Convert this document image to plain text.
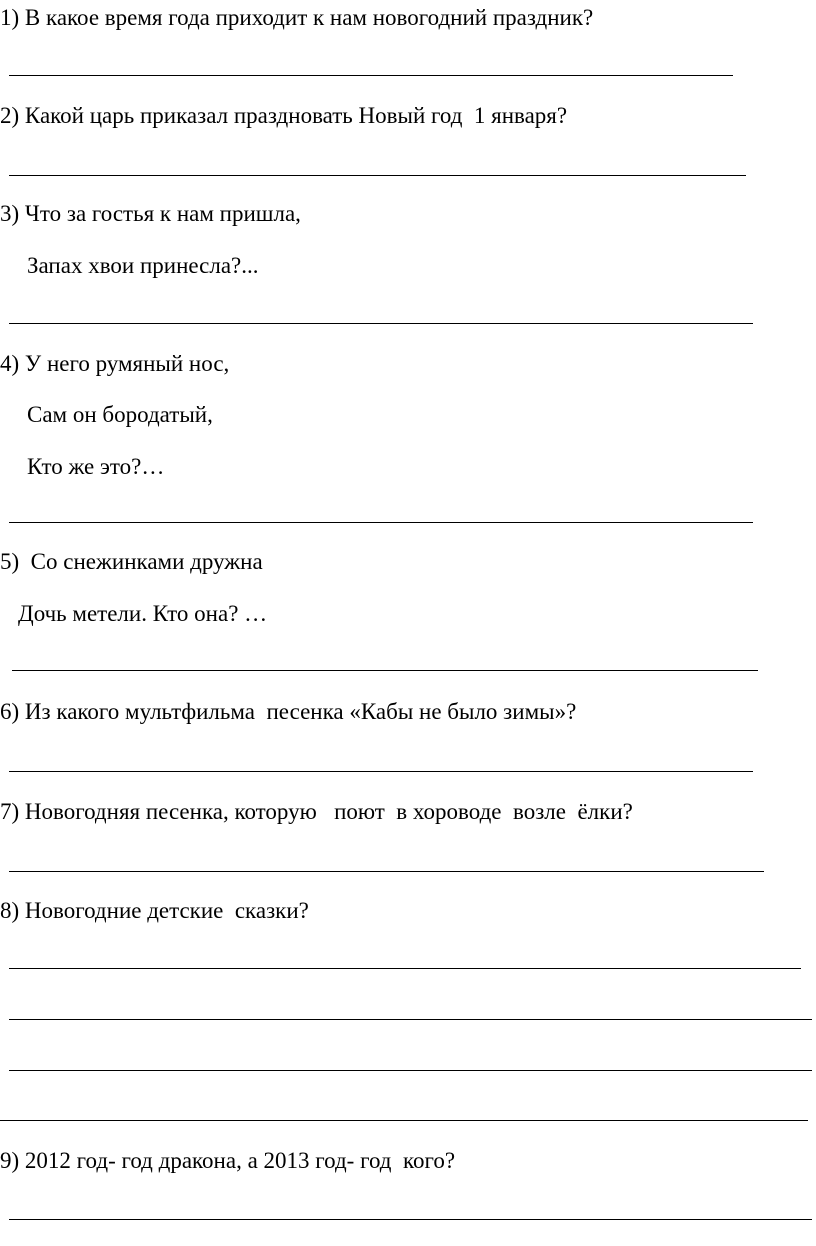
1) В какое время года приходит к нам новогодний праздник?
2) Какой царь приказал праздновать Новый год  1 января?
3) Что за гостья к нам пришла,
Запах хвои принесла?...
4) У него румяный нос,
Сам он бородатый,
Кто же это?…
5)  Со снежинками дружна
Дочь метели. Кто она? …
6) Из какого мультфильма  песенка «Кабы не было зимы»?
7) Новогодняя песенка, которую   поют  в хороводе  возле  ёлки?
8) Новогодние детские  сказки?
9) 2012 год- год дракона, а 2013 год- год  кого?
